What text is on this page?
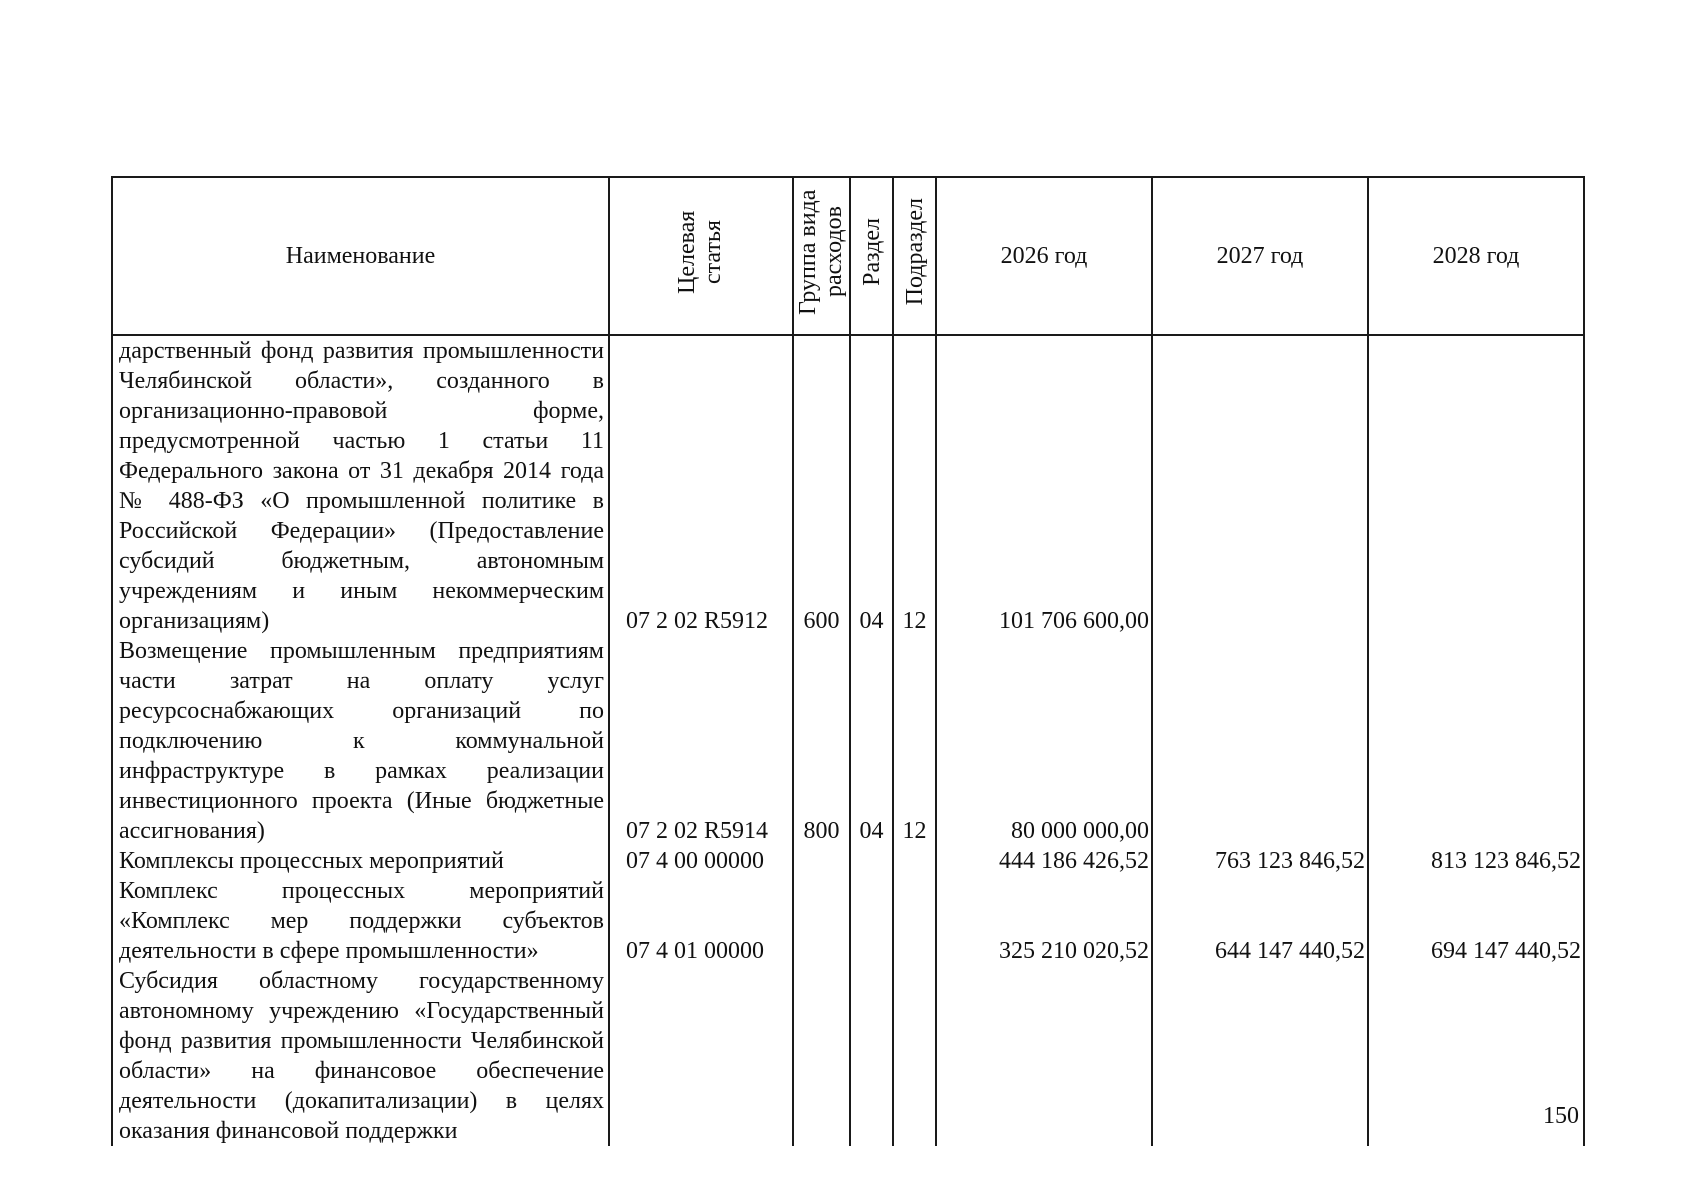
Наименование	Целевая статья	Группа вида расходов	Раздел	Подраздел	2026 год	2027 год	2028 год
дарственный фонд развития промышленности Челябинской области», созданного в организационно-правовой форме, предусмотренной частью 1 статьи 11 Федерального закона от 31 декабря 2014 года № 488-ФЗ «О промышленной политике в Российской Федерации» (Предоставление субсидий бюджетным, автономным учреждениям и иным некоммерческим организациям)	07 2 02 R5912	600	04	12	101 706 600,00		
Возмещение промышленным предприятиям части затрат на оплату услуг ресурсоснабжающих организаций по подключению к коммунальной инфраструктуре в рамках реализации инвестиционного проекта (Иные бюджетные ассигнования)	07 2 02 R5914	800	04	12	80 000 000,00		
Комплексы процессных мероприятий	07 4 00 00000				444 186 426,52	763 123 846,52	813 123 846,52
Комплекс процессных мероприятий «Комплекс мер поддержки субъектов деятельности в сфере промышленности»	07 4 01 00000				325 210 020,52	644 147 440,52	694 147 440,52
Субсидия областному государственному автономному учреждению «Государственный фонд развития промышленности Челябинской области» на финансовое обеспечение деятельности (докапитализации) в целях оказания финансовой поддержки							
150
